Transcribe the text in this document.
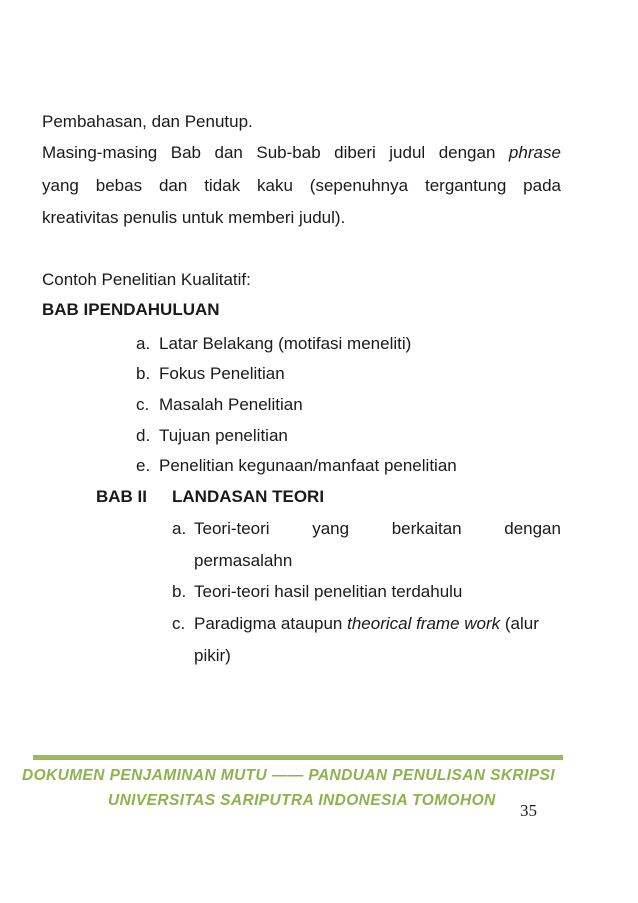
Pembahasan, dan Penutup.
Masing-masing Bab dan Sub-bab diberi judul dengan phrase
yang bebas dan tidak kaku (sepenuhnya tergantung pada
kreativitas penulis untuk memberi judul).
Contoh Penelitian Kualitatif:
BAB IPENDAHULUAN
a. Latar Belakang (motifasi meneliti)
b. Fokus Penelitian
c. Masalah Penelitian
d. Tujuan penelitian
e. Penelitian kegunaan/manfaat penelitian
BAB II LANDASAN TEORI
a. Teori-teori	yang	berkaitan	dengan
permasalahn
b. Teori-teori hasil penelitian terdahulu
c. Paradigma ataupun theorical frame work (alur
pikir)
DOKUMEN PENJAMINAN MUTU —— PANDUAN PENULISAN SKRIPSI
UNIVERSITAS SARIPUTRA INDONESIA TOMOHON
35
